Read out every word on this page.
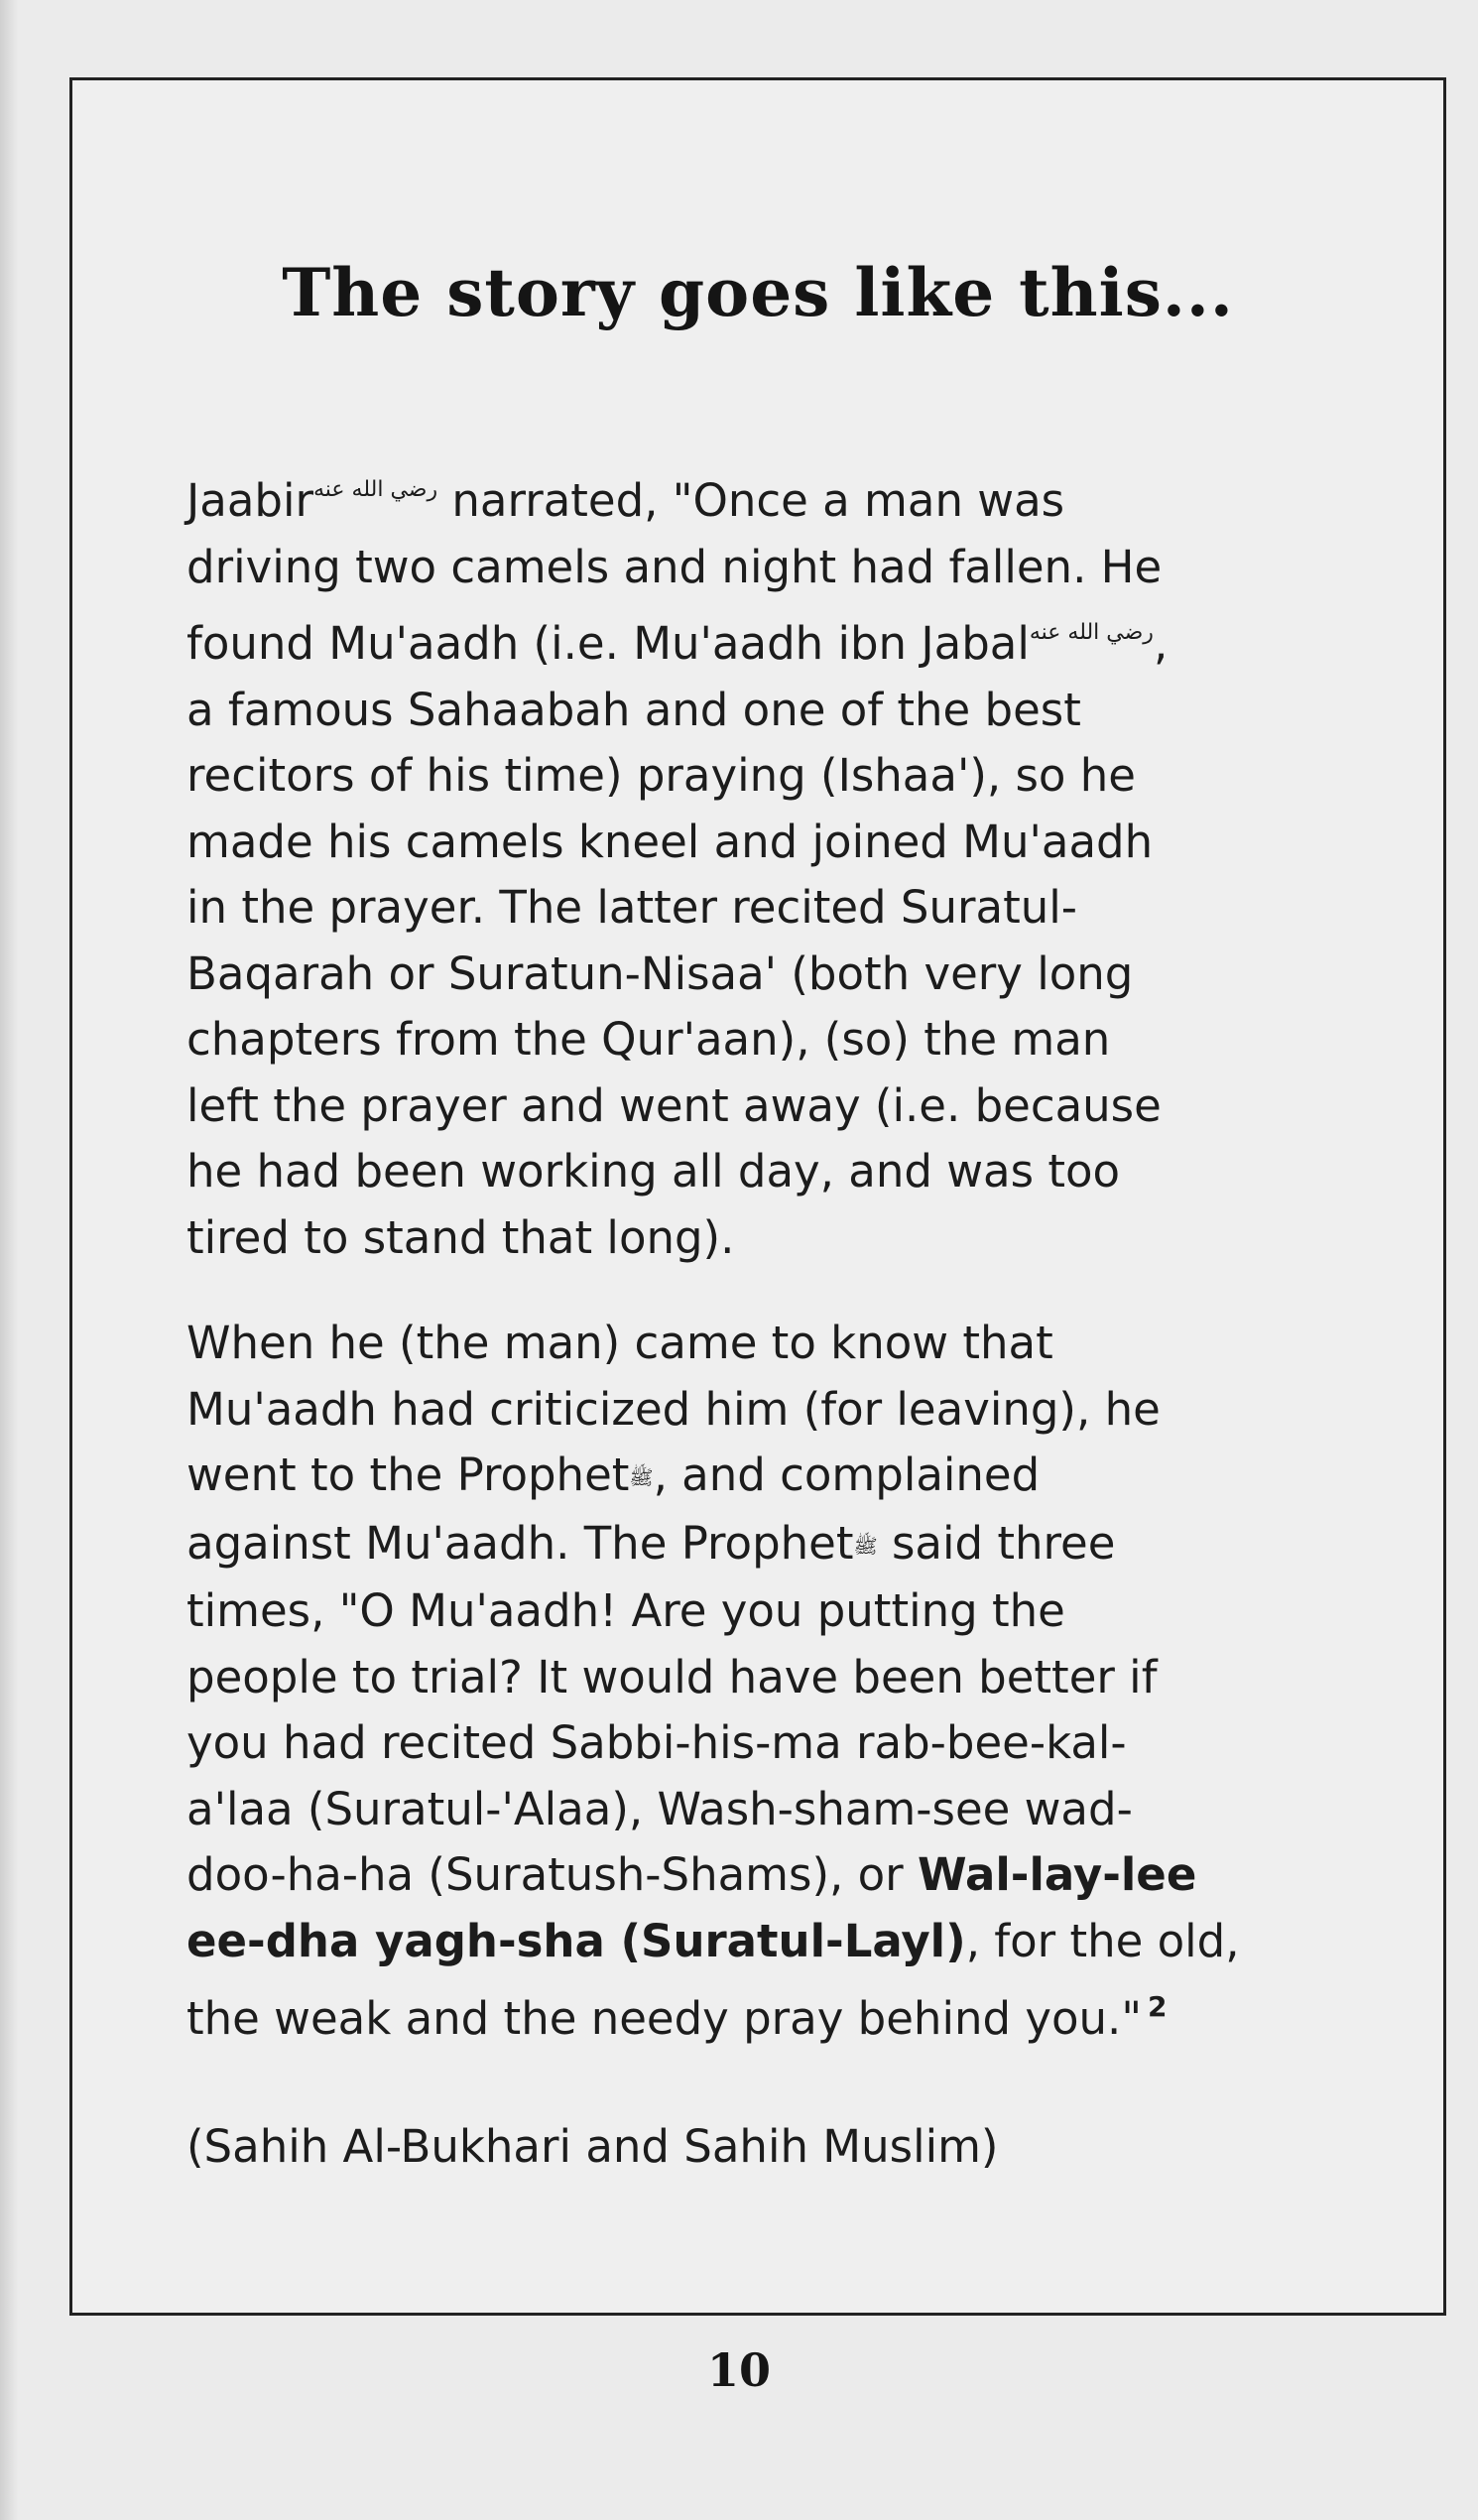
The story goes like this...

Jaabir$^{رضي الله عنه}$ narrated, "Once a man was
driving two camels and night had fallen. He
found Mu'aadh (i.e. Mu'aadh ibn Jabal$^{رضي الله عنه}$,
a famous Sahaabah and one of the best
recitors of his time) praying (Ishaa'), so he
made his camels kneel and joined Mu'aadh
in the prayer. The latter recited Suratul-
Baqarah or Suratun-Nisaa' (both very long
chapters from the Qur'aan), (so) the man
left the prayer and went away (i.e. because
he had been working all day, and was too
tired to stand that long).

When he (the man) came to know that
Mu'aadh had criticized him (for leaving), he
went to the Prophetﷺ, and complained
against Mu'aadh. The Prophetﷺ said three
times, "O Mu'aadh! Are you putting the
people to trial? It would have been better if
you had recited Sabbi-his-ma rab-bee-kal-
a'laa (Suratul-'Alaa), Wash-sham-see wad-
doo-ha-ha (Suratush-Shams), or Wal-lay-lee
ee-dha yagh-sha (Suratul-Layl), for the old,
the weak and the needy pray behind you." $^2$

(Sahih Al-Bukhari and Sahih Muslim)

10
